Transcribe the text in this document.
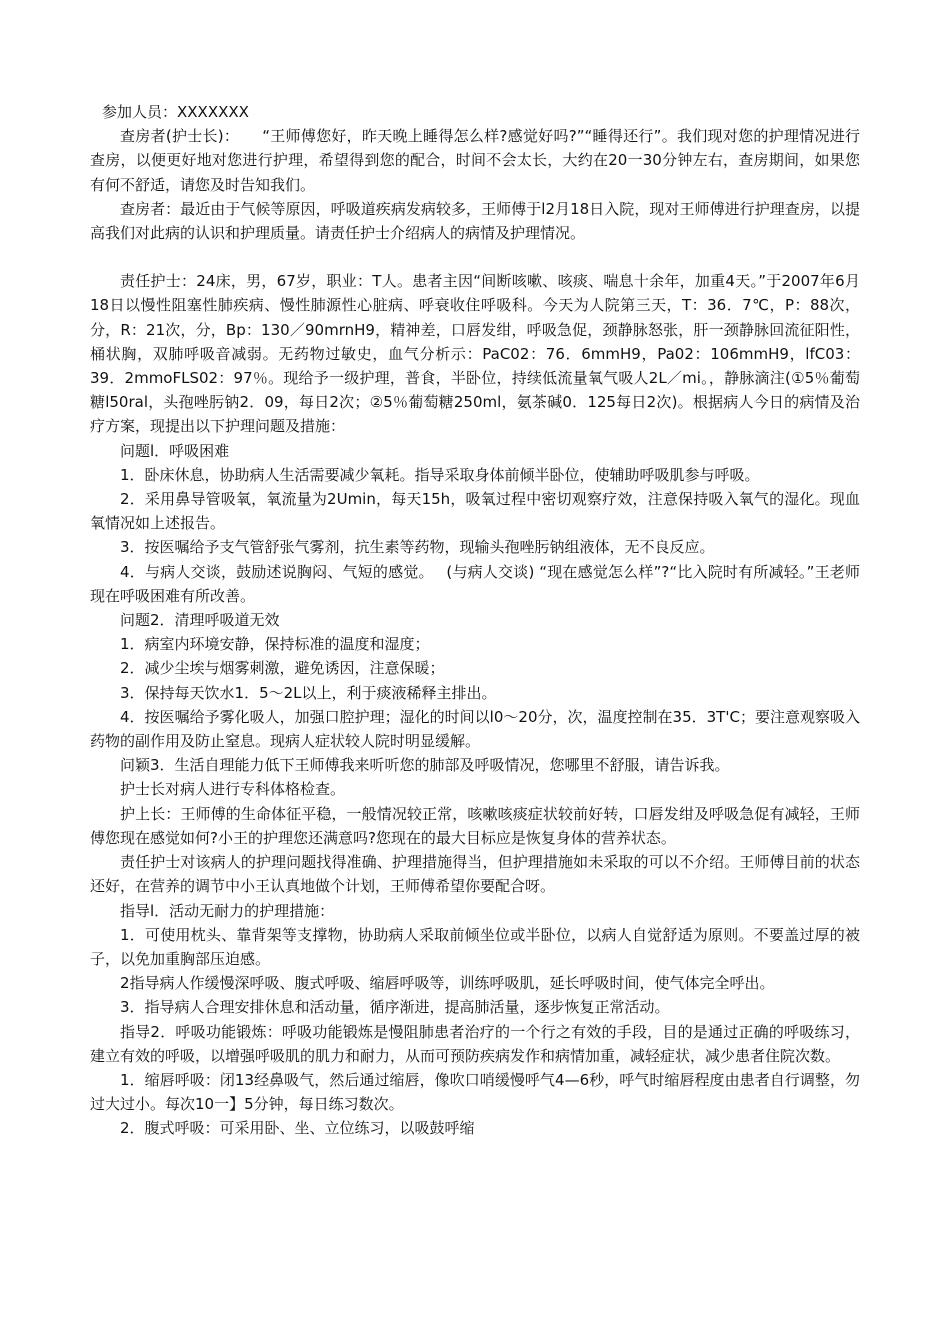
参加人员：XXXXXXX

查房者(护士长)：　　“王师傅您好，昨天晚上睡得怎么样?感觉好吗?”“睡得还行”。我们现对您的护理情况进行查房，以便更好地对您进行护理，希望得到您的配合，时间不会太长，大约在20一30分钟左右，查房期间，如果您有何不舒适，请您及时告知我们。

查房者：最近由于气候等原因，呼吸道疾病发病较多，王师傅于l2月18日入院，现对王师傅进行护理查房，以提高我们对此病的认识和护理质量。请责任护士介绍病人的病情及护理情况。

责任护士：24床，男，67岁，职业：T人。患者主因“间断咳嗽、咳痰、喘息十余年，加重4天。”于2007年6月18日以慢性阻塞性肺疾病、慢性肺源性心脏病、呼衰收住呼吸科。今天为人院第三天，T：36．7℃，P：88次，分，R：21次，分，Bp：130／90mrnH9，精神差，口唇发绀，呼吸急促，颈静脉怒张，肝一颈静脉回流征阳性，桶状胸，双肺呼吸音减弱。无药物过敏史，血气分析示：PaC02：76．6mmH9，Pa02：106mmH9，lfC03：39．2mmoFLS02：97％。现给予一级护理，普食，半卧位，持续低流量氧气吸人2L／mi。，静脉滴注(①5％葡萄糖l50ral，头孢唑肟钠2．09，每日2次；②5％葡萄糖250ml，氨茶碱0．125每日2次)。根据病人今日的病情及治疗方案，现提出以下护理问题及措施：

问题l．呼吸困难

1．卧床休息，协助病人生活需要减少氧耗。指导采取身体前倾半卧位，使辅助呼吸肌参与呼吸。

2．采用鼻导管吸氧，氧流量为2Umin，每天15h，吸氧过程中密切观察疗效，注意保持吸入氧气的湿化。现血氧情况如上述报告。

3．按医嘱给予支气管舒张气雾剂，抗生素等药物，现输头孢唑肟钠组液体，无不良反应。

4．与病人交谈，鼓励述说胸闷、气短的感觉。　 (与病人交谈) “现在感觉怎么样”?“比入院时有所减轻。”王老师现在呼吸困难有所改善。

问题2．清理呼吸道无效

1．病室内环境安静，保持标准的温度和湿度；

2．减少尘埃与烟雾刺激，避免诱因，注意保暖；

3．保持每天饮水1．5～2L以上，利于痰液稀释主排出。

4．按医嘱给予雾化吸人，加强口腔护理；湿化的时间以l0～20分，次，温度控制在35．3T'C；要注意观察吸入药物的副作用及防止窒息。现病人症状较人院时明显缓解。

问颖3．生活自理能力低下王师傅我来听听您的肺部及呼吸情况，您哪里不舒服，请告诉我。

护士长对病人进行专科体格检查。

护上长：王师傅的生命体征平稳，一般情况较正常，咳嗽咳痰症状较前好转，口唇发绀及呼吸急促有减轻，王师傅您现在感觉如何?小王的护理您还满意吗?您现在的最大目标应是恢复身体的营养状态。

责任护士对该病人的护理问题找得准确、护理措施得当，但护理措施如未采取的可以不介绍。王师傅目前的状态还好，在营养的调节中小王认真地做个计划，王师傅希望你要配合呀。

指导l．活动无耐力的护理措施：

1．可使用枕头、靠背架等支撑物，协助病人采取前倾坐位或半卧位，以病人自觉舒适为原则。不要盖过厚的被子，以免加重胸部压迫感。

2指导病人作缓慢深呼吸、腹式呼吸、缩唇呼吸等，训练呼吸肌，延长呼吸时间，使气体完全呼出。

3．指导病人合理安排休息和活动量，循序渐进，提高肺活量，逐步恢复正常活动。

指导2．呼吸功能锻炼：呼吸功能锻炼是慢阻肺患者治疗的一个行之有效的手段，目的是通过正确的呼吸练习，建立有效的呼吸，以增强呼吸肌的肌力和耐力，从而可预防疾病发作和病情加重，减轻症状，减少患者住院次数。

1．缩唇呼吸：闭13经鼻吸气，然后通过缩唇，像吹口哨缓慢呼气4—6秒，呼气时缩唇程度由患者自行调整，勿过大过小。每次10一】5分钟，每日练习数次。

2．腹式呼吸：可采用卧、坐、立位练习，以吸鼓呼缩
